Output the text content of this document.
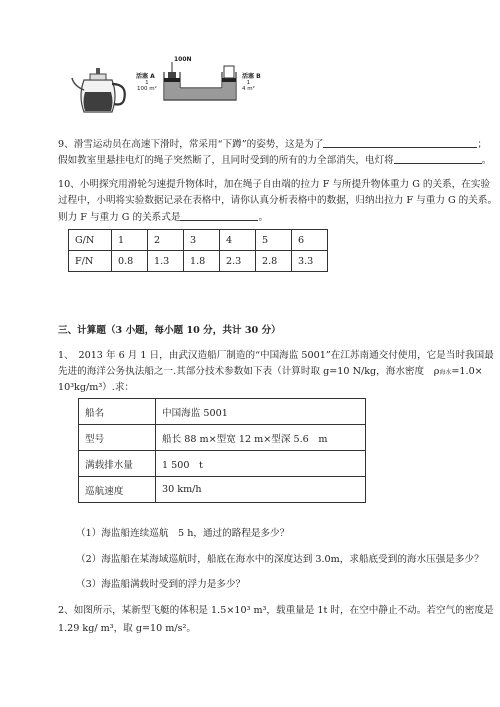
100N
活塞 A
1
100 m²
活塞 B
1
4 m²
9、滑雪运动员在高速下滑时，常采用“下蹲”的姿势，这是为了	；
假如教室里悬挂电灯的绳子突然断了，且同时受到的所有的力全部消失，电灯将	。
10、小明探究用滑轮匀速提升物体时，加在绳子自由端的拉力 F 与所提升物体重力 G 的关系，在实验
过程中，小明将实验数据记录在表格中，请你认真分析表格中的数据，归纳出拉力 F 与重力 G 的关系。
则力 F 与重力 G 的关系式是	。
G/N	1	2	3	4	5	6
F/N	0.8	1.3	1.8	2.3	2.8	3.3
三、计算题（3 小题，每小题 10 分，共计 30 分）
1、　2013 年 6 月 1 日，由武汉造船厂制造的“中国海监 5001”在江苏南通交付使用，它是当时我国最
先进的海洋公务执法船之一.其部分技术参数如下表（计算时取 g=10 N/kg，海水密度　ρ海水=1.0×
10³kg/m³）.求：
船名	中国海监 5001
型号	船长 88 m×型宽 12 m×型深 5.6　m
满载排水量	1 500　t
巡航速度	30 km/h
（1）海监船连续巡航　5 h，通过的路程是多少？
（2）海监船在某海域巡航时，船底在海水中的深度达到 3.0m，求船底受到的海水压强是多少？
（3）海监船满载时受到的浮力是多少？
2、如图所示，某新型飞艇的体积是 1.5×10³ m³，载重量是 1t 时，在空中静止不动。若空气的密度是
1.29 kg/ m³，取 g=10 m/s²。
